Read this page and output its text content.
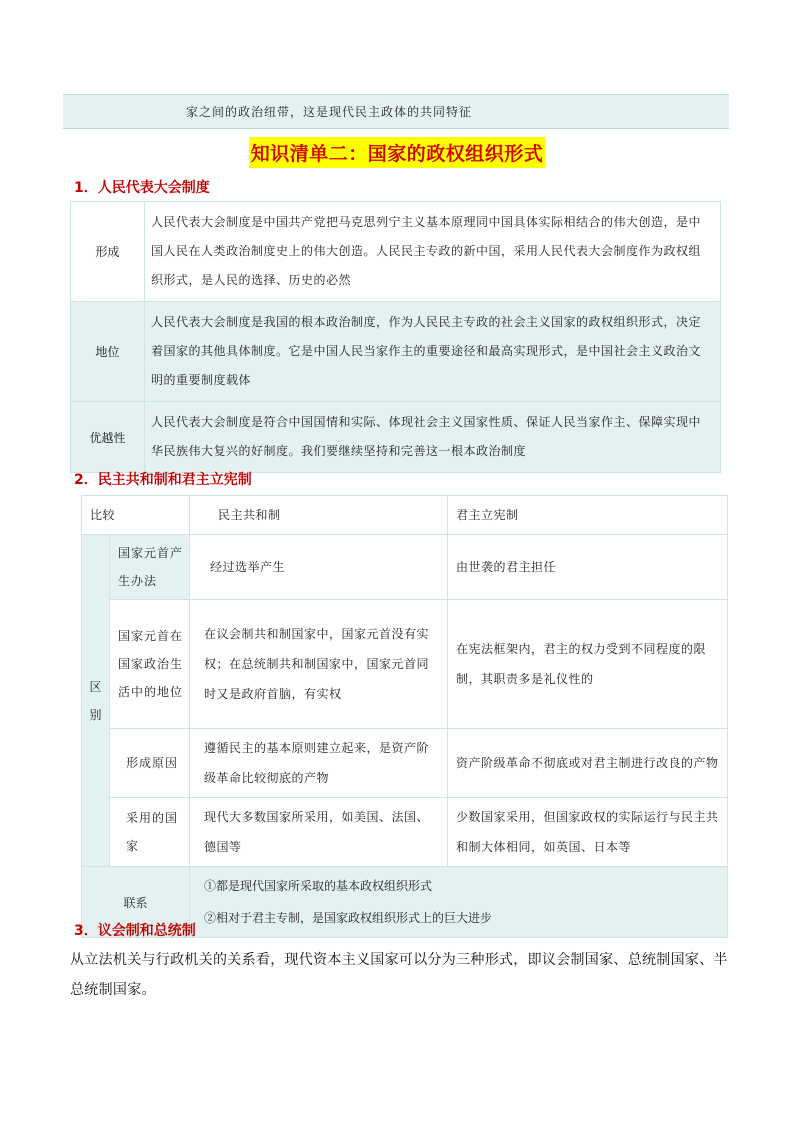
家之间的政治纽带，这是现代民主政体的共同特征
知识清单二：国家的政权组织形式
1．人民代表大会制度
形成	人民代表大会制度是中国共产党把马克思列宁主义基本原理同中国具体实际相结合的伟大创造，是中国人民在人类政治制度史上的伟大创造。人民民主专政的新中国，采用人民代表大会制度作为政权组织形式，是人民的选择、历史的必然
地位	人民代表大会制度是我国的根本政治制度，作为人民民主专政的社会主义国家的政权组织形式，决定着国家的其他具体制度。它是中国人民当家作主的重要途径和最高实现形式，是中国社会主义政治文明的重要制度载体
优越性	人民代表大会制度是符合中国国情和实际、体现社会主义国家性质、保证人民当家作主、保障实现中华民族伟大复兴的好制度。我们要继续坚持和完善这一根本政治制度
2．民主共和制和君主立宪制
比较		民主共和制	君主立宪制

区别	国家元首产生办法	经过选举产生	由世袭的君主担任
	国家元首在国家政治生活中的地位	在议会制共和制国家中，国家元首没有实权；在总统制共和制国家中，国家元首同时又是政府首脑，有实权	在宪法框架内，君主的权力受到不同程度的限制，其职责多是礼仪性的
	形成原因	遵循民主的基本原则建立起来，是资产阶级革命比较彻底的产物	资产阶级革命不彻底或对君主制进行改良的产物
	采用的国家	现代大多数国家所采用，如美国、法国、德国等	少数国家采用，但国家政权的实际运行与民主共和制大体相同，如英国、日本等
联系		①都是现代国家所采取的基本政权组织形式
②相对于君主专制，是国家政权组织形式上的巨大进步	
3．议会制和总统制
从立法机关与行政机关的关系看，现代资本主义国家可以分为三种形式，即议会制国家、总统制国家、半总统制国家。
